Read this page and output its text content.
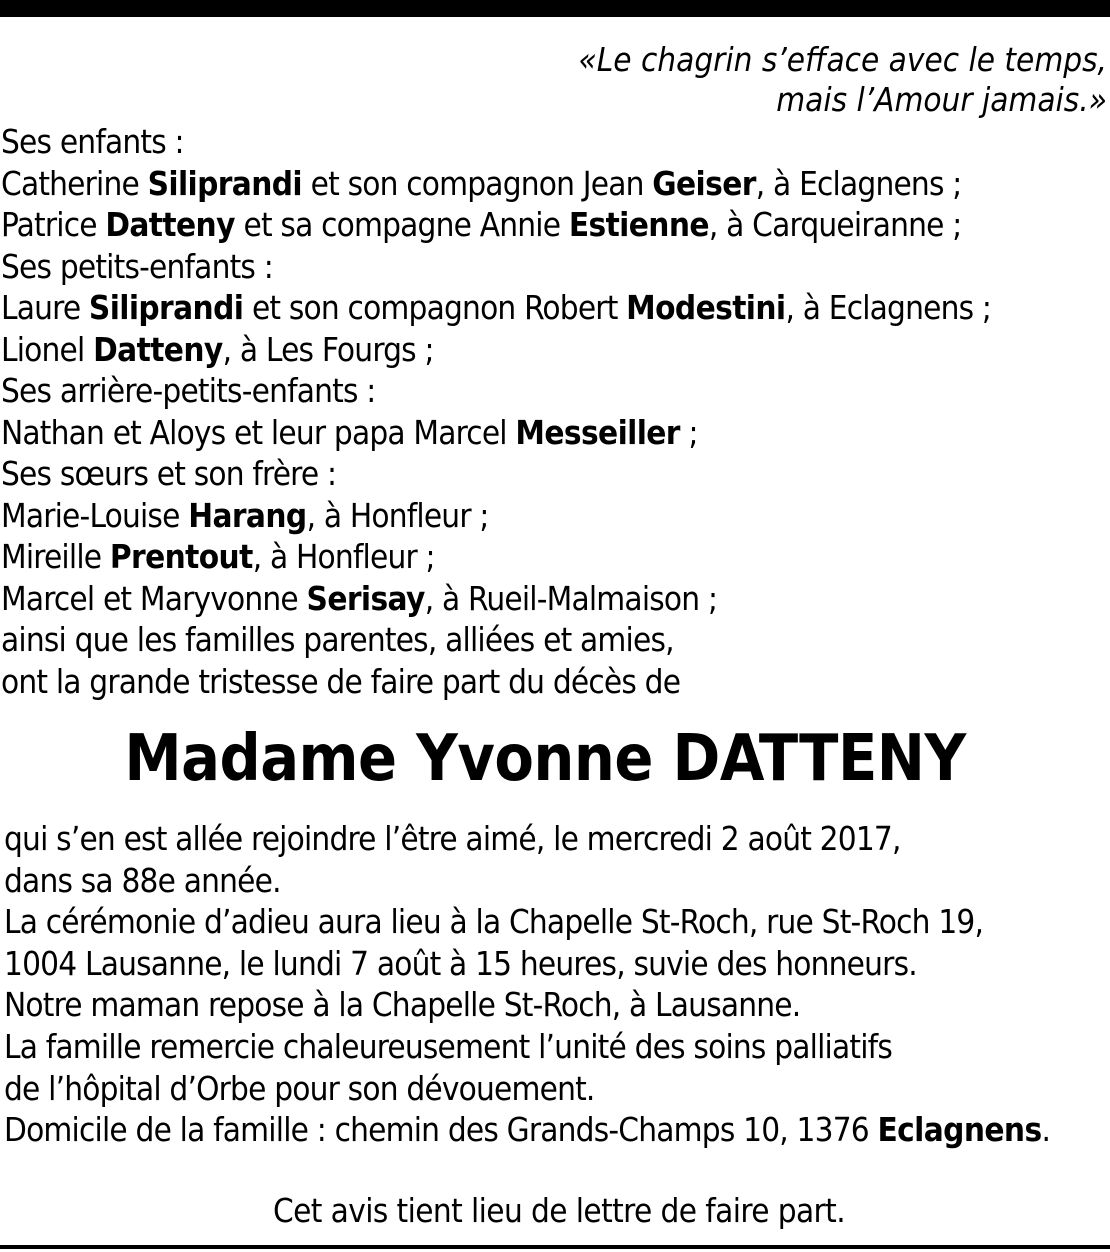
«Le chagrin s’efface avec le temps,
mais l’Amour jamais.»
Ses enfants :
Catherine Siliprandi et son compagnon Jean Geiser, à Eclagnens ;
Patrice Datteny et sa compagne Annie Estienne, à Carqueiranne ;
Ses petits-enfants :
Laure Siliprandi et son compagnon Robert Modestini, à Eclagnens ;
Lionel Datteny, à Les Fourgs ;
Ses arrière-petits-enfants :
Nathan et Aloys et leur papa Marcel Messeiller ;
Ses sœurs et son frère :
Marie-Louise Harang, à Honfleur ;
Mireille Prentout, à Honfleur ;
Marcel et Maryvonne Serisay, à Rueil-Malmaison ;
ainsi que les familles parentes, alliées et amies,
ont la grande tristesse de faire part du décès de
Madame Yvonne DATTENY
qui s’en est allée rejoindre l’être aimé, le mercredi 2 août 2017,
dans sa 88e année.
La cérémonie d’adieu aura lieu à la Chapelle St-Roch, rue St-Roch 19,
1004 Lausanne, le lundi 7 août à 15 heures, suvie des honneurs.
Notre maman repose à la Chapelle St-Roch, à Lausanne.
La famille remercie chaleureusement l’unité des soins palliatifs
de l’hôpital d’Orbe pour son dévouement.
Domicile de la famille : chemin des Grands-Champs 10, 1376 Eclagnens.
Cet avis tient lieu de lettre de faire part.
